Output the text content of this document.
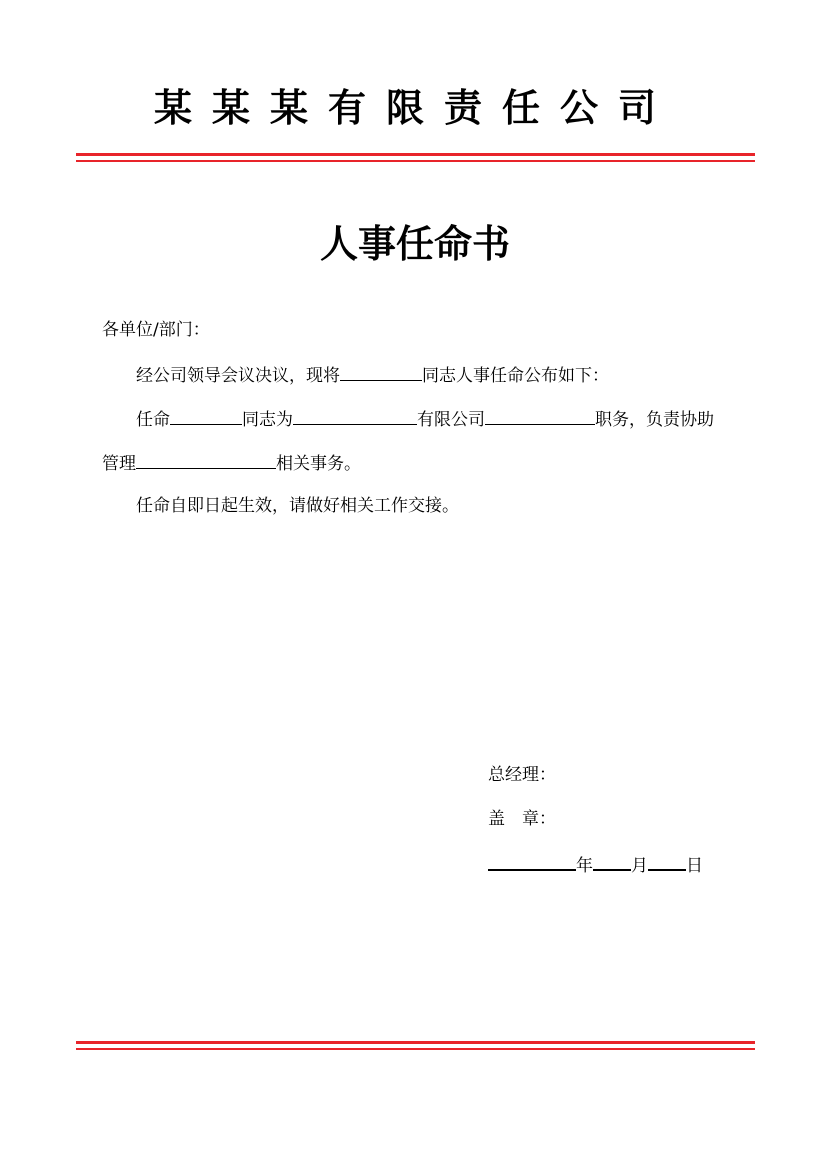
某某某有限责任公司
人事任命书
各单位/部门：
经公司领导会议决议，现将	同志人事任命公布如下：
任命	同志为	有限公司	职务，负责协助
管理	相关事务。
任命自即日起生效，请做好相关工作交接。
总经理：
盖　章：
年 月 日
